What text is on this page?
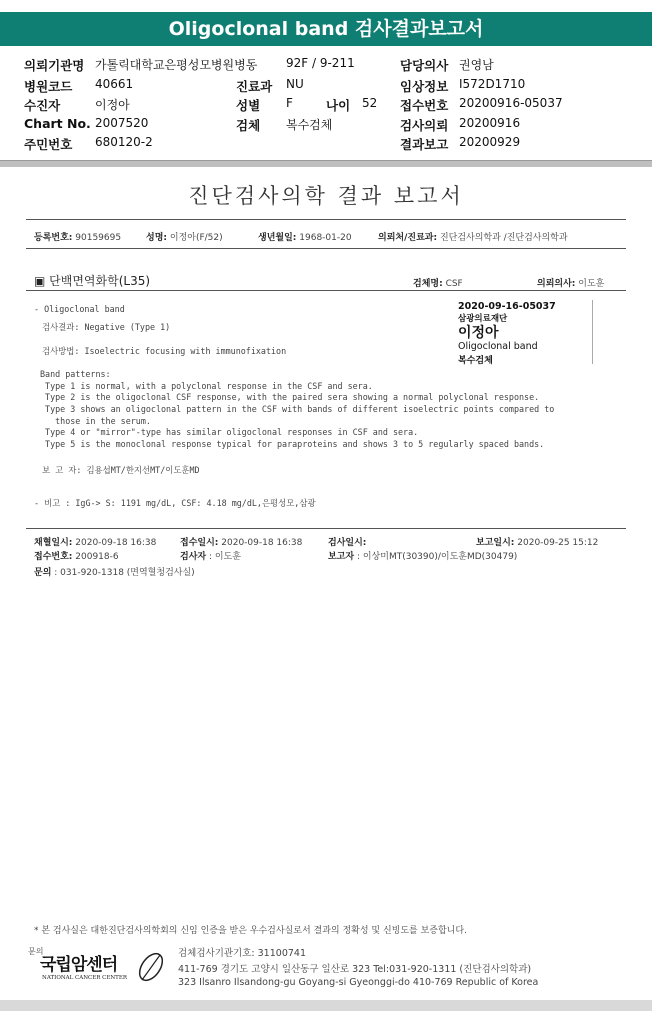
Oligoclonal band 검사결과보고서
의뢰기관명 가톨릭대학교은평성모병원병동 92F / 9-211	담당의사 권영남
병원코드 40661	진료과 NU	임상정보 I572D1710
수진자	이정아	성별 F	나이 52 접수번호 20200916-05037
Chart No. 2007520	검체 복수검체	검사의뢰 20200916
주민번호 680120-2	결과보고 20200929
진단검사의학 결과 보고서
등록번호: 90159695	성명: 이정아(F/52)	생년월일: 1968-01-20	의뢰처/진료과: 진단검사의학과 /진단검사의학과
▣ 단백면역화학(L35)	검체명: CSF	의뢰의사: 이도훈
- Oligoclonal band
검사결과: Negative (Type 1)
검사방법: Isoelectric focusing with immunofixation
2020-09-16-05037
삼광의료재단
이정아
Oligoclonal band
복수검체
Band patterns:
Type 1 is normal, with a polyclonal response in the CSF and sera.
Type 2 is the oligoclonal CSF response, with the paired sera showing a normal polyclonal response.
Type 3 shows an oligoclonal pattern in the CSF with bands of different isoelectric points compared to
those in the serum.
Type 4 or "mirror"-type has similar oligoclonal responses in CSF and sera.
Type 5 is the monoclonal response typical for paraproteins and shows 3 to 5 regularly spaced bands.
보 고 자: 김용섭MT/한지선MT/이도훈MD
- 비고 : IgG-> S: 1191 mg/dL, CSF: 4.18 mg/dL,은평성모,삼광
채혈일시: 2020-09-18 16:38	접수일시: 2020-09-18 16:38	검사일시:	보고일시: 2020-09-25 15:12
접수번호: 200918-6	검사자 : 이도훈	보고자 : 이상미MT(30390)/이도훈MD(30479)
문의 : 031-920-1318 (면역혈청검사실)
* 본 검사실은 대한진단검사의학회의 신임 인증을 받은 우수검사실로서 결과의 정확성 및 신빙도를 보증합니다.
문의
국립암센터
NATIONAL CANCER CENTER
검체검사기관기호: 31100741
411-769 경기도 고양시 일산동구 일산로 323 Tel:031-920-1311 (진단검사의학과)
323 Ilsanro Ilsandong-gu Goyang-si Gyeonggi-do 410-769 Republic of Korea
